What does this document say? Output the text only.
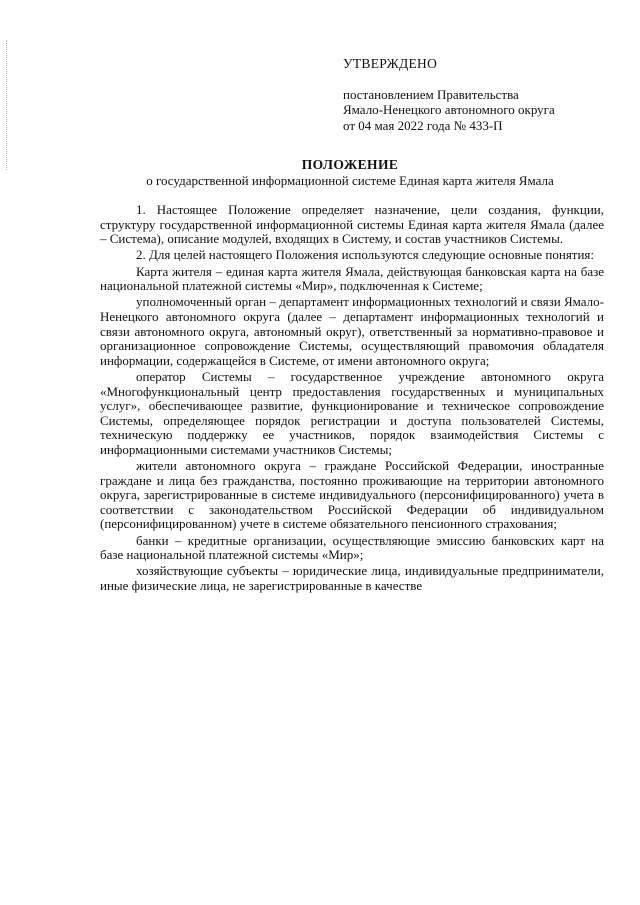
УТВЕРЖДЕНО
постановлением Правительства
Ямало-Ненецкого автономного округа
от 04 мая 2022 года № 433-П
ПОЛОЖЕНИЕ
о государственной информационной системе Единая карта жителя Ямала

1. Настоящее Положение определяет назначение, цели создания, функции, структуру государственной информационной системы Единая карта жителя Ямала (далее – Система), описание модулей, входящих в Систему, и состав участников Системы.

2. Для целей настоящего Положения используются следующие основные понятия:

Карта жителя – единая карта жителя Ямала, действующая банковская карта на базе национальной платежной системы «Мир», подключенная к Системе;

уполномоченный орган – департамент информационных технологий и связи Ямало-Ненецкого автономного округа (далее – департамент информационных технологий и связи автономного округа, автономный округ), ответственный за нормативно-правовое и организационное сопровождение Системы, осуществляющий правомочия обладателя информации, содержащейся в Системе, от имени автономного округа;

оператор Системы – государственное учреждение автономного округа «Многофункциональный центр предоставления государственных и муниципальных услуг», обеспечивающее развитие, функционирование и техническое сопровождение Системы, определяющее порядок регистрации и доступа пользователей Системы, техническую поддержку ее участников, порядок взаимодействия Системы с информационными системами участников Системы;

жители автономного округа – граждане Российской Федерации, иностранные граждане и лица без гражданства, постоянно проживающие на территории автономного округа, зарегистрированные в системе индивидуального (персонифицированного) учета в соответствии с законодательством Российской Федерации об индивидуальном (персонифицированном) учете в системе обязательного пенсионного страхования;

банки – кредитные организации, осуществляющие эмиссию банковских карт на базе национальной платежной системы «Мир»;

хозяйствующие субъекты – юридические лица, индивидуальные предприниматели, иные физические лица, не зарегистрированные в качестве
